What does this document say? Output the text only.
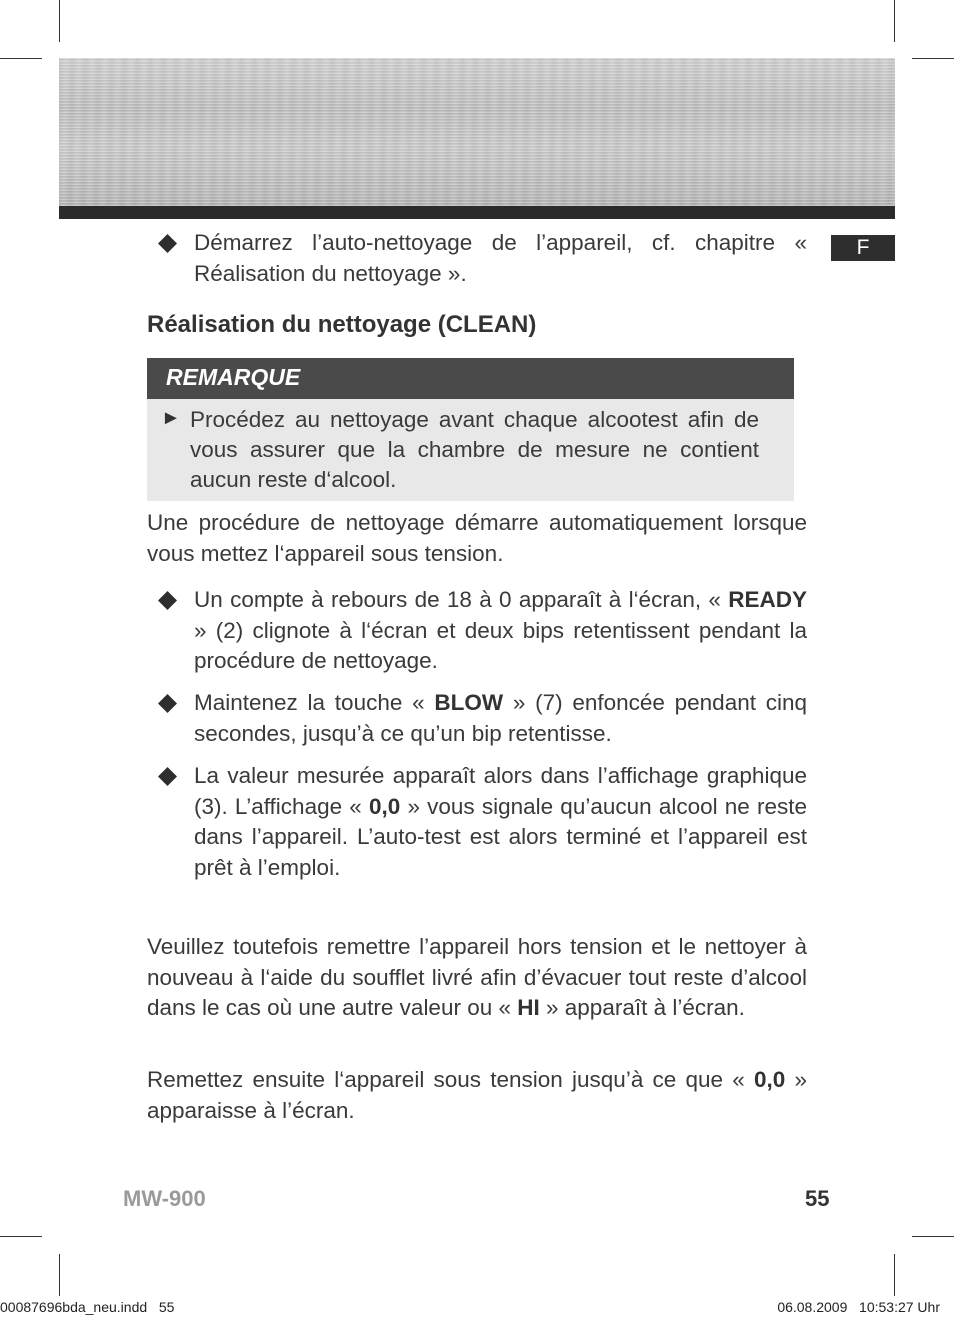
F
Démarrez l’auto-nettoyage de l’appareil, cf. chapitre « Réalisation du nettoyage ».
Réalisation du nettoyage (CLEAN)
REMARQUE
► Procédez au nettoyage avant chaque alcootest afin de vous assurer que la chambre de mesure ne contient aucun reste d‘alcool.
Une procédure de nettoyage démarre automatiquement lorsque vous mettez l‘appareil sous tension.
Un compte à rebours de 18 à 0 apparaît à l‘écran, « READY » (2) clignote à l‘écran et deux bips retentissent pendant la procédure de nettoyage.
Maintenez la touche « BLOW » (7) enfoncée pendant cinq secondes, jusqu’à ce qu’un bip retentisse.
La valeur mesurée apparaît alors dans l’affichage graphique (3). L’affichage « 0,0 » vous signale qu’aucun alcool ne reste dans l’appareil. L’auto-test est alors terminé et l’appareil est prêt à l’emploi.
Veuillez toutefois remettre l’appareil hors tension et le nettoyer à nouveau à l‘aide du soufflet livré afin d’évacuer tout reste d’alcool dans le cas où une autre valeur ou « HI » apparaît à l’écran.
Remettez ensuite l‘appareil sous tension jusqu’à ce que « 0,0 » apparaisse à l’écran.
MW-900	55
00087696bda_neu.indd   55	06.08.2009   10:53:27 Uhr
